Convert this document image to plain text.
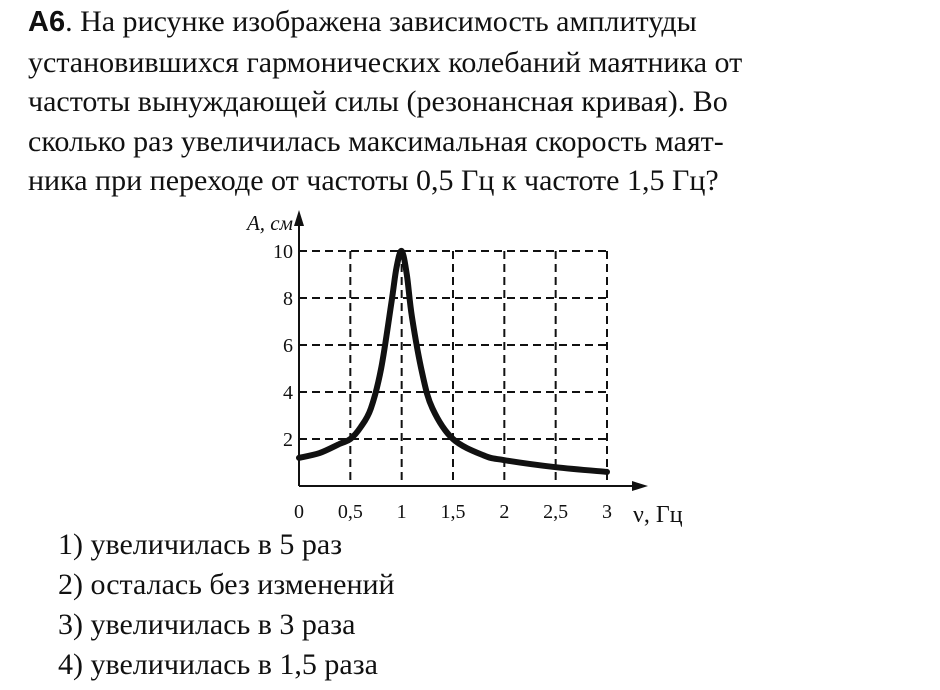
А6. На рисунке изображена зависимость амплитуды
установившихся гармонических колебаний маятника от
частоты вынуждающей силы (резонансная кривая). Во
сколько раз увеличилась максимальная скорость маят-
ника при переходе от частоты 0,5 Гц к частоте 1,5 Гц?
0 0,5 1 1,5 2 2,5 3
2
4
6
8
10
A, см
ν, Гц
1) увеличилась в 5 раз
2) осталась без изменений
3) увеличилась в 3 раза
4) увеличилась в 1,5 раза
